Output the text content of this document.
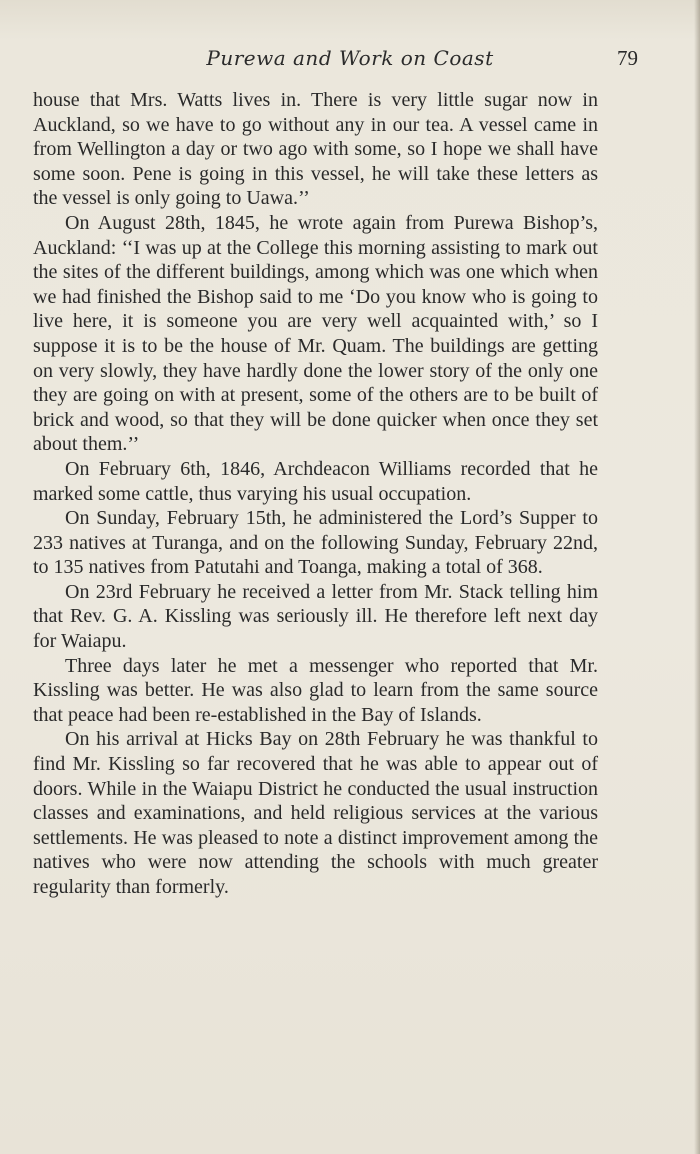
Purewa and Work on Coast	79

house that Mrs. Watts lives in. There is very little sugar now in Auckland, so we have to go without any in our tea. A vessel came in from Wellington a day or two ago with some, so I hope we shall have some soon. Pene is going in this vessel, he will take these letters as the vessel is only going to Uawa.’’

On August 28th, 1845, he wrote again from Purewa Bishop’s, Auckland: ‘‘I was up at the College this morning assisting to mark out the sites of the different buildings, among which was one which when we had finished the Bishop said to me ‘Do you know who is going to live here, it is someone you are very well acquainted with,’ so I suppose it is to be the house of Mr. Quam. The buildings are getting on very slowly, they have hardly done the lower story of the only one they are going on with at present, some of the others are to be built of brick and wood, so that they will be done quicker when once they set about them.’’

On February 6th, 1846, Archdeacon Williams recorded that he marked some cattle, thus varying his usual occupation.

On Sunday, February 15th, he administered the Lord’s Supper to 233 natives at Turanga, and on the following Sunday, February 22nd, to 135 natives from Patutahi and Toanga, making a total of 368.

On 23rd February he received a letter from Mr. Stack telling him that Rev. G. A. Kissling was seriously ill. He therefore left next day for Waiapu.

Three days later he met a messenger who reported that Mr. Kissling was better. He was also glad to learn from the same source that peace had been re-established in the Bay of Islands.

On his arrival at Hicks Bay on 28th February he was thankful to find Mr. Kissling so far recovered that he was able to appear out of doors. While in the Waiapu District he conducted the usual instruction classes and examinations, and held religious services at the various settlements. He was pleased to note a distinct improvement among the natives who were now attending the schools with much greater regularity than formerly.
